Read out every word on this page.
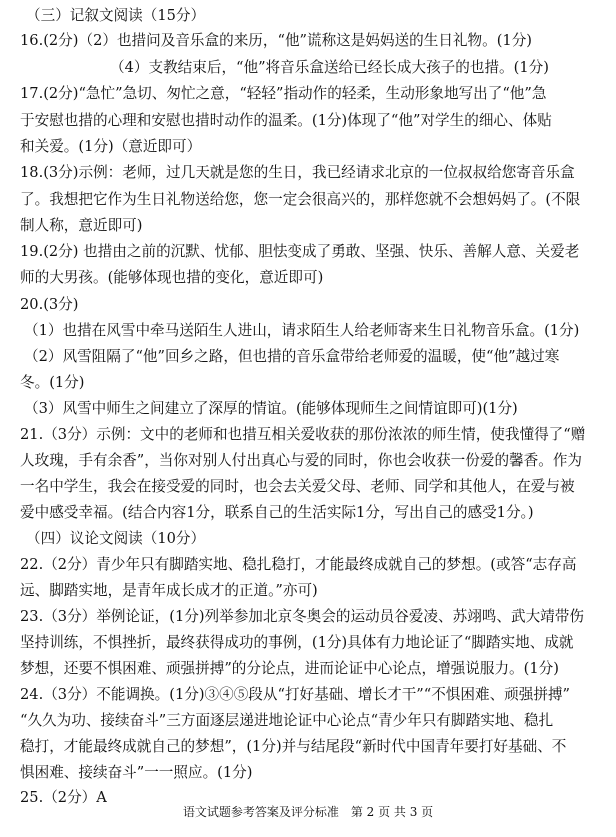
（三）记叙文阅读（15分）
16.(2分)（2）也措问及音乐盒的来历，“他”谎称这是妈妈送的生日礼物。(1分)
（4）支教结束后，“他”将音乐盒送给已经长成大孩子的也措。(1分)
17.(2分)“急忙”急切、匆忙之意，“轻轻”指动作的轻柔，生动形象地写出了“他”急
于安慰也措的心理和安慰也措时动作的温柔。(1分)体现了“他”对学生的细心、体贴
和关爱。(1分)（意近即可）
18.(3分)示例：老师，过几天就是您的生日，我已经请求北京的一位叔叔给您寄音乐盒
了。我想把它作为生日礼物送给您，您一定会很高兴的，那样您就不会想妈妈了。(不限
制人称，意近即可)
19.(2分) 也措由之前的沉默、忧郁、胆怯变成了勇敢、坚强、快乐、善解人意、关爱老
师的大男孩。(能够体现也措的变化，意近即可)
20.(3分)
（1）也措在风雪中牵马送陌生人进山，请求陌生人给老师寄来生日礼物音乐盒。(1分)
（2）风雪阻隔了“他”回乡之路，但也措的音乐盒带给老师爱的温暖，使“他”越过寒
冬。(1分)
（3）风雪中师生之间建立了深厚的情谊。(能够体现师生之间情谊即可)(1分)
21.（3分）示例：文中的老师和也措互相关爱收获的那份浓浓的师生情，使我懂得了“赠
人玫瑰，手有余香”，当你对别人付出真心与爱的同时，你也会收获一份爱的馨香。作为
一名中学生，我会在接受爱的同时，也会去关爱父母、老师、同学和其他人，在爱与被
爱中感受幸福。(结合内容1分，联系自己的生活实际1分，写出自己的感受1分。)
（四）议论文阅读（10分）
22.（2分）青少年只有脚踏实地、稳扎稳打，才能最终成就自己的梦想。(或答“志存高
远、脚踏实地，是青年成长成才的正道。”亦可)
23.（3分）举例论证，(1分)列举参加北京冬奥会的运动员谷爱凌、苏翊鸣、武大靖带伤
坚持训练，不惧挫折，最终获得成功的事例，(1分)具体有力地论证了“脚踏实地、成就
梦想，还要不惧困难、顽强拼搏”的分论点，进而论证中心论点，增强说服力。(1分)
24.（3分）不能调换。(1分)③④⑤段从“打好基础、增长才干”“不惧困难、顽强拼搏”
“久久为功、接续奋斗”三方面逐层递进地论证中心论点“青少年只有脚踏实地、稳扎
稳打，才能最终成就自己的梦想”，(1分)并与结尾段“新时代中国青年要打好基础、不
惧困难、接续奋斗”一一照应。(1分)
25.（2分）A
语文试题参考答案及评分标准　第 2 页 共 3 页
